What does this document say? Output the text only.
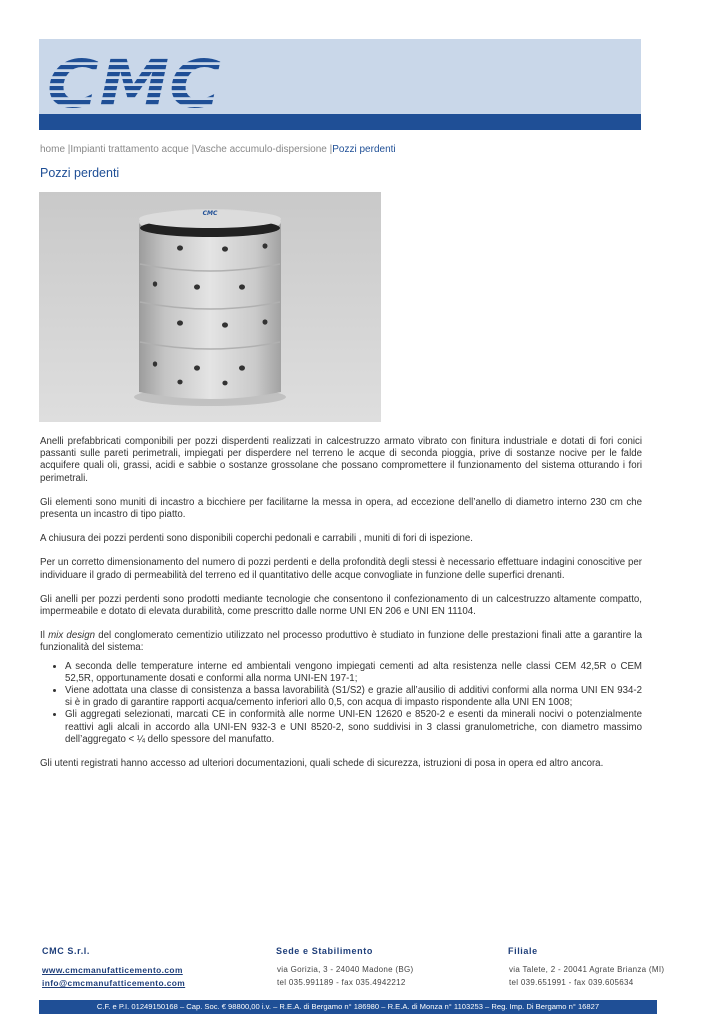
CMC
home |Impianti trattamento acque |Vasche accumulo-dispersione |Pozzi perdenti
Pozzi perdenti
CMC

Anelli prefabbricati componibili per pozzi disperdenti realizzati in calcestruzzo armato vibrato con finitura industriale e dotati di fori conici passanti sulle pareti perimetrali, impiegati per disperdere nel terreno le acque di seconda pioggia, prive di sostanze nocive per le falde acquifere quali oli, grassi, acidi e sabbie o sostanze grossolane che possano compromettere il funzionamento del sistema otturando i fori perimetrali.

Gli elementi sono muniti di incastro a bicchiere per facilitarne la messa in opera, ad eccezione dell’anello di diametro interno 230 cm che presenta un incastro di tipo piatto.

A chiusura dei pozzi perdenti sono disponibili coperchi pedonali e carrabili , muniti di fori di ispezione.

Per un corretto dimensionamento del numero di pozzi perdenti e della profondità degli stessi è necessario effettuare indagini conoscitive per individuare il grado di permeabilità del terreno ed il quantitativo delle acque convogliate in funzione delle superfici drenanti.

Gli anelli per pozzi perdenti sono prodotti mediante tecnologie che consentono il confezionamento di un calcestruzzo altamente compatto, impermeabile e dotato di elevata durabilità, come prescritto dalle norme UNI EN 206 e UNI EN 11104.

Il mix design del conglomerato cementizio utilizzato nel processo produttivo è studiato in funzione delle prestazioni finali atte a garantire la funzionalità del sistema:

• A seconda delle temperature interne ed ambientali vengono impiegati cementi ad alta resistenza nelle classi CEM 42,5R o CEM 52,5R, opportunamente dosati e conformi alla norma UNI-EN 197-1;
• Viene adottata una classe di consistenza a bassa lavorabilità (S1/S2) e grazie all’ausilio di additivi conformi alla norma UNI EN 934-2 si è in grado di garantire rapporti acqua/cemento inferiori allo 0,5, con acqua di impasto rispondente alla UNI EN 1008;
• Gli aggregati selezionati, marcati CE in conformità alle norme UNI-EN 12620 e 8520-2 e esenti da minerali nocivi o potenzialmente reattivi agli alcali in accordo alla UNI-EN 932-3 e UNI 8520-2, sono suddivisi in 3 classi granulometriche, con diametro massimo dell’aggregato < ¼ dello spessore del manufatto.

Gli utenti registrati hanno accesso ad ulteriori documentazioni, quali schede di sicurezza, istruzioni di posa in opera ed altro ancora.

CMC S.r.l.
www.cmcmanufatticemento.com
info@cmcmanufatticemento.com
Sede e Stabilimento
via Gorizia, 3 - 24040 Madone (BG)
tel 035.991189 - fax 035.4942212
Filiale
via Talete, 2 - 20041 Agrate Brianza (MI)
tel 039.651991 - fax 039.605634
C.F. e P.I. 01249150168 – Cap. Soc. € 98800,00 i.v. – R.E.A. di Bergamo n° 186980 – R.E.A. di Monza n° 1103253 – Reg. Imp. Di Bergamo n° 16827
